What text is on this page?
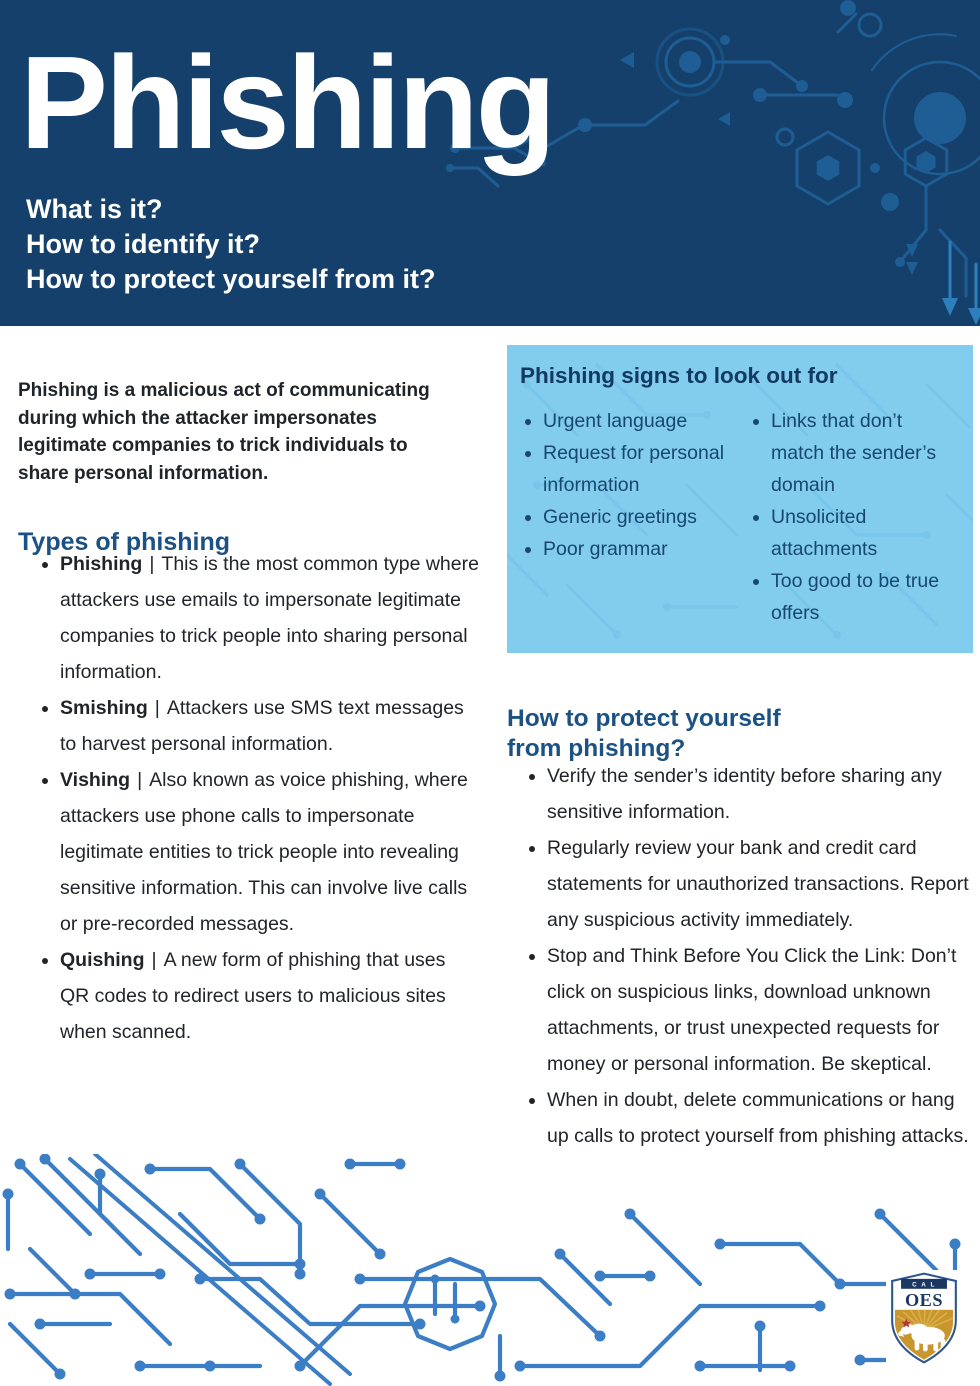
Phishing
What is it?
How to identify it?
How to protect yourself from it?

Phishing is a malicious act of communicating during which the attacker impersonates legitimate companies to trick individuals to share personal information.

Types of phishing
• Phishing | This is the most common type where attackers use emails to impersonate legitimate companies to trick people into sharing personal information.
• Smishing | Attackers use SMS text messages to harvest personal information.
• Vishing | Also known as voice phishing, where attackers use phone calls to impersonate legitimate entities to trick people into revealing sensitive information. This can involve live calls or pre-recorded messages.
• Quishing | A new form of phishing that uses QR codes to redirect users to malicious sites when scanned.
Phishing signs to look out for
• Urgent language
• Request for personal information
• Generic greetings
• Poor grammar
• Links that don’t match the sender’s domain
• Unsolicited attachments
• Too good to be true offers
How to protect yourself
from phishing?
• Verify the sender’s identity before sharing any sensitive information.
• Regularly review your bank and credit card statements for unauthorized transactions. Report any suspicious activity immediately.
• Stop and Think Before You Click the Link: Don’t click on suspicious links, download unknown attachments, or trust unexpected requests for money or personal information. Be skeptical.
• When in doubt, delete communications or hang up calls to protect yourself from phishing attacks.
C A L
OES
